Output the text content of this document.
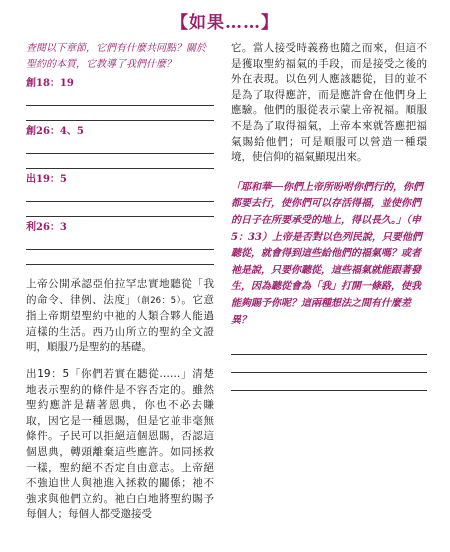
【如果……】

查閱以下章節，它們有什麼共同點？關於聖約的本質，它教導了我們什麼？

創18：19
創26：4、5
出19：5
利26：3

上帝公開承認亞伯拉罕忠實地聽從「我的命令、律例、法度」（創26：5）。它意指上帝期望聖約中祂的人類合夥人能過這樣的生活。西乃山所立的聖約全文證明，順服乃是聖約的基礎。

出19：5「你們若實在聽從……」清楚地表示聖約的條件是不容否定的。雖然聖約應許是藉著恩典，你也不必去賺取，因它是一種恩賜，但是它並非毫無條件。子民可以拒絕這個恩賜，否認這個恩典，轉頭離棄這些應許。如同拯救一樣，聖約絕不否定自由意志。上帝絕不強迫世人與祂進入拯救的關係；祂不強求與他們立約。祂白白地將聖約賜予每個人；每個人都受邀接受

它。當人接受時義務也隨之而來，但這不是獲取聖約福氣的手段，而是接受之後的外在表現。以色列人應該聽從，目的並不是為了取得應許，而是應許會在他們身上應驗。他們的服從表示蒙上帝祝福。順服不是為了取得福氣，上帝本來就答應把福氣賜給他們；可是順服可以營造一種環境，使信仰的福氣顯現出來。

「耶和華──你們上帝所吩咐你們行的，你們都要去行，使你們可以存活得福，並使你們的日子在所要承受的地上，得以長久。」（申5：33）上帝是否對以色列民說，只要他們聽從，就會得到這些給他們的福氣嗎？或者祂是說，只要你聽從，這些福氣就能跟著發生，因為聽從會為「我」打開一條路，使我能夠賜予你呢？這兩種想法之間有什麼差異？
